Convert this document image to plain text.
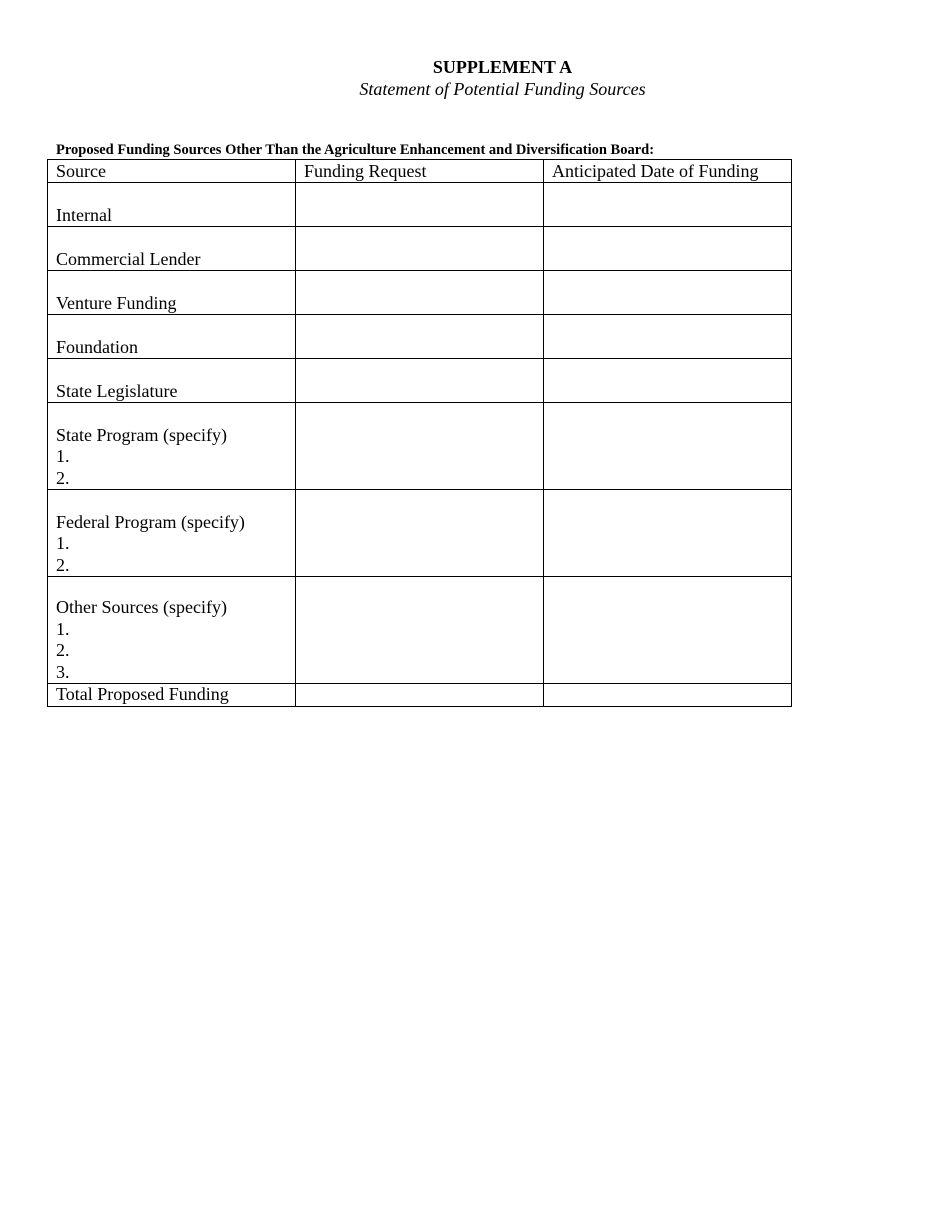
SUPPLEMENT A
Statement of Potential Funding Sources
Proposed Funding Sources Other Than the Agriculture Enhancement and Diversification Board:
Source	Funding Request	Anticipated Date of Funding
Internal		
Commercial Lender		
Venture Funding		
Foundation		
State Legislature		

State Program (specify)
1.
2.		

Federal Program (specify)
1.
2.		

Other Sources (specify)
1.
2.
3.		

Total Proposed Funding		
